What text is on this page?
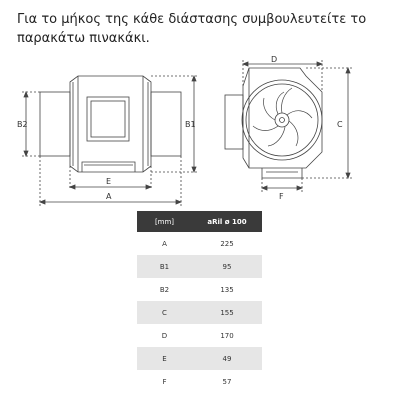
Για το μήκος της κάθε διάστασης συμβουλευτείτε το παρακάτω πινακάκι.

B2	B1
E
A
D
C
F
[mm]	aRil ø 100
A	225
B1	95
B2	135
C	155
D	170
E	49
F	57
